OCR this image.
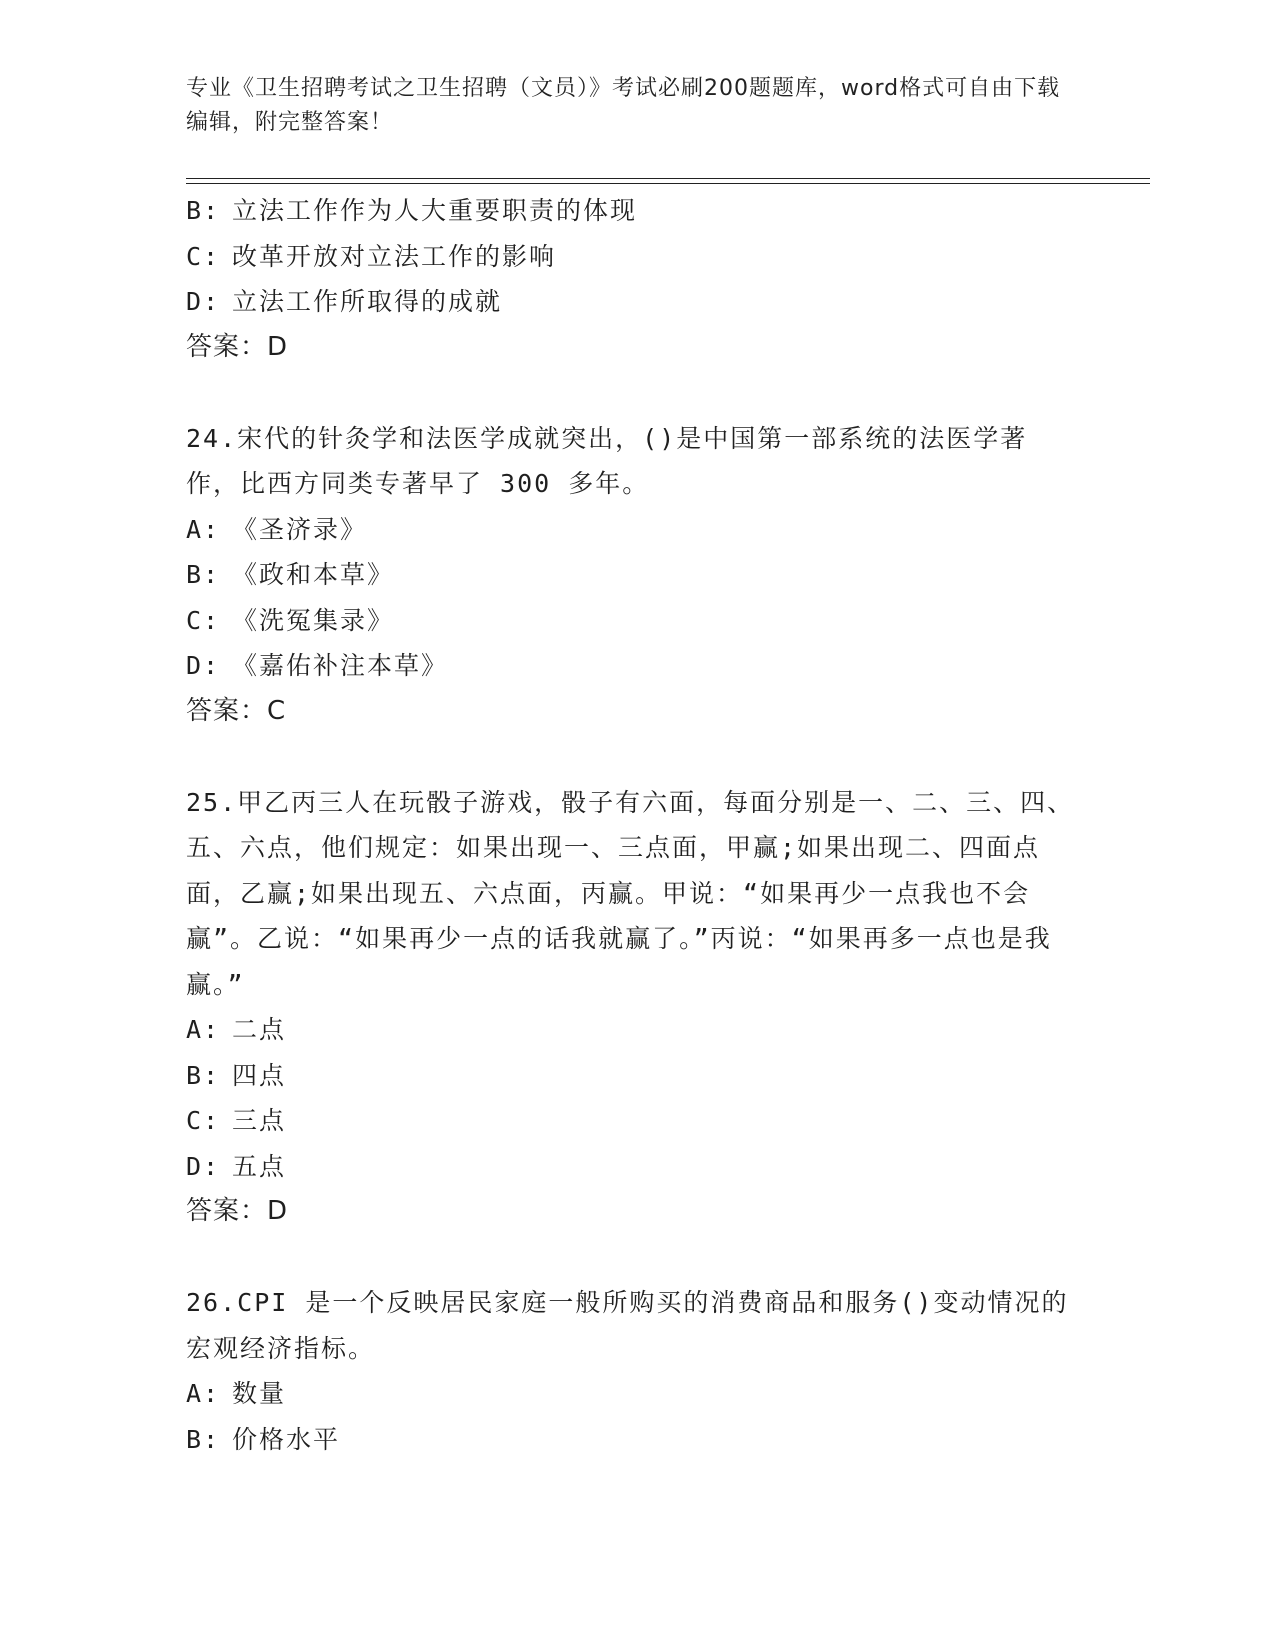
专业《卫生招聘考试之卫生招聘（文员）》考试必刷200题题库，word格式可自由下载编辑，附完整答案！
B: 立法工作作为人大重要职责的体现
C: 改革开放对立法工作的影响
D: 立法工作所取得的成就
答案：D
24.宋代的针灸学和法医学成就突出，()是中国第一部系统的法医学著作，比西方同类专著早了 300 多年。
A: 《圣济录》
B: 《政和本草》
C: 《洗冤集录》
D: 《嘉佑补注本草》
答案：C
25.甲乙丙三人在玩骰子游戏，骰子有六面，每面分别是一、二、三、四、五、六点，他们规定：如果出现一、三点面，甲赢;如果出现二、四面点面，乙赢;如果出现五、六点面，丙赢。甲说：“如果再少一点我也不会赢”。乙说：“如果再少一点的话我就赢了。”丙说：“如果再多一点也是我赢。”
A: 二点
B: 四点
C: 三点
D: 五点
答案：D
26.CPI 是一个反映居民家庭一般所购买的消费商品和服务()变动情况的宏观经济指标。
A: 数量
B: 价格水平
